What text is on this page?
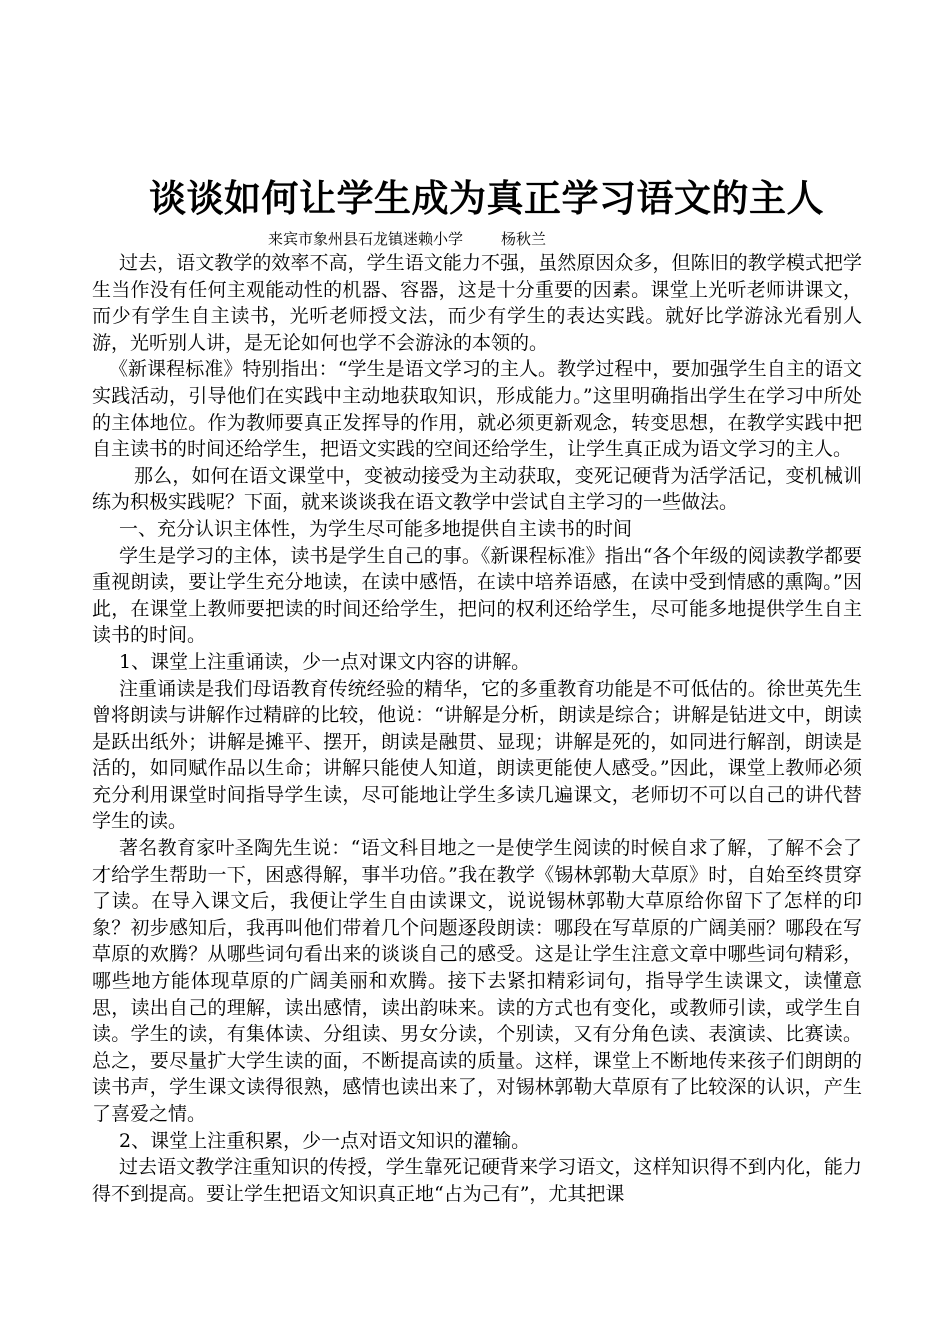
谈谈如何让学生成为真正学习语文的主人
来宾市象州县石龙镇迷赖小学	杨秋兰

过去，语文教学的效率不高，学生语文能力不强，虽然原因众多，但陈旧的教学模式把学生当作没有任何主观能动性的机器、容器，这是十分重要的因素。课堂上光听老师讲课文，而少有学生自主读书，光听老师授文法，而少有学生的表达实践。就好比学游泳光看别人游，光听别人讲，是无论如何也学不会游泳的本领的。

《新课程标准》特别指出：“学生是语文学习的主人。教学过程中，要加强学生自主的语文实践活动，引导他们在实践中主动地获取知识，形成能力。”这里明确指出学生在学习中所处的主体地位。作为教师要真正发挥导的作用，就必须更新观念，转变思想，在教学实践中把自主读书的时间还给学生，把语文实践的空间还给学生，让学生真正成为语文学习的主人。

那么，如何在语文课堂中，变被动接受为主动获取，变死记硬背为活学活记，变机械训练为积极实践呢？下面，就来谈谈我在语文教学中尝试自主学习的一些做法。

一、充分认识主体性，为学生尽可能多地提供自主读书的时间

学生是学习的主体，读书是学生自己的事。《新课程标准》指出“各个年级的阅读教学都要重视朗读，要让学生充分地读，在读中感悟，在读中培养语感，在读中受到情感的熏陶。”因此，在课堂上教师要把读的时间还给学生，把问的权利还给学生，尽可能多地提供学生自主读书的时间。

1、课堂上注重诵读，少一点对课文内容的讲解。

注重诵读是我们母语教育传统经验的精华，它的多重教育功能是不可低估的。徐世英先生曾将朗读与讲解作过精辟的比较，他说：“讲解是分析，朗读是综合；讲解是钻进文中，朗读是跃出纸外；讲解是摊平、摆开，朗读是融贯、显现；讲解是死的，如同进行解剖，朗读是活的，如同赋作品以生命；讲解只能使人知道，朗读更能使人感受。”因此，课堂上教师必须充分利用课堂时间指导学生读，尽可能地让学生多读几遍课文，老师切不可以自己的讲代替学生的读。

著名教育家叶圣陶先生说：“语文科目地之一是使学生阅读的时候自求了解，了解不会了才给学生帮助一下，困惑得解，事半功倍。”我在教学《锡林郭勒大草原》时，自始至终贯穿了读。在导入课文后，我便让学生自由读课文，说说锡林郭勒大草原给你留下了怎样的印象？初步感知后，我再叫他们带着几个问题逐段朗读：哪段在写草原的广阔美丽？哪段在写草原的欢腾？从哪些词句看出来的谈谈自己的感受。这是让学生注意文章中哪些词句精彩，哪些地方能体现草原的广阔美丽和欢腾。接下去紧扣精彩词句，指导学生读课文，读懂意思，读出自己的理解，读出感情，读出韵味来。读的方式也有变化，或教师引读，或学生自读。学生的读，有集体读、分组读、男女分读，个别读，又有分角色读、表演读、比赛读。总之，要尽量扩大学生读的面，不断提高读的质量。这样，课堂上不断地传来孩子们朗朗的读书声，学生课文读得很熟，感情也读出来了，对锡林郭勒大草原有了比较深的认识，产生了喜爱之情。

2、课堂上注重积累，少一点对语文知识的灌输。

过去语文教学注重知识的传授，学生靠死记硬背来学习语文，这样知识得不到内化，能力得不到提高。要让学生把语文知识真正地“占为己有”，尤其把课
